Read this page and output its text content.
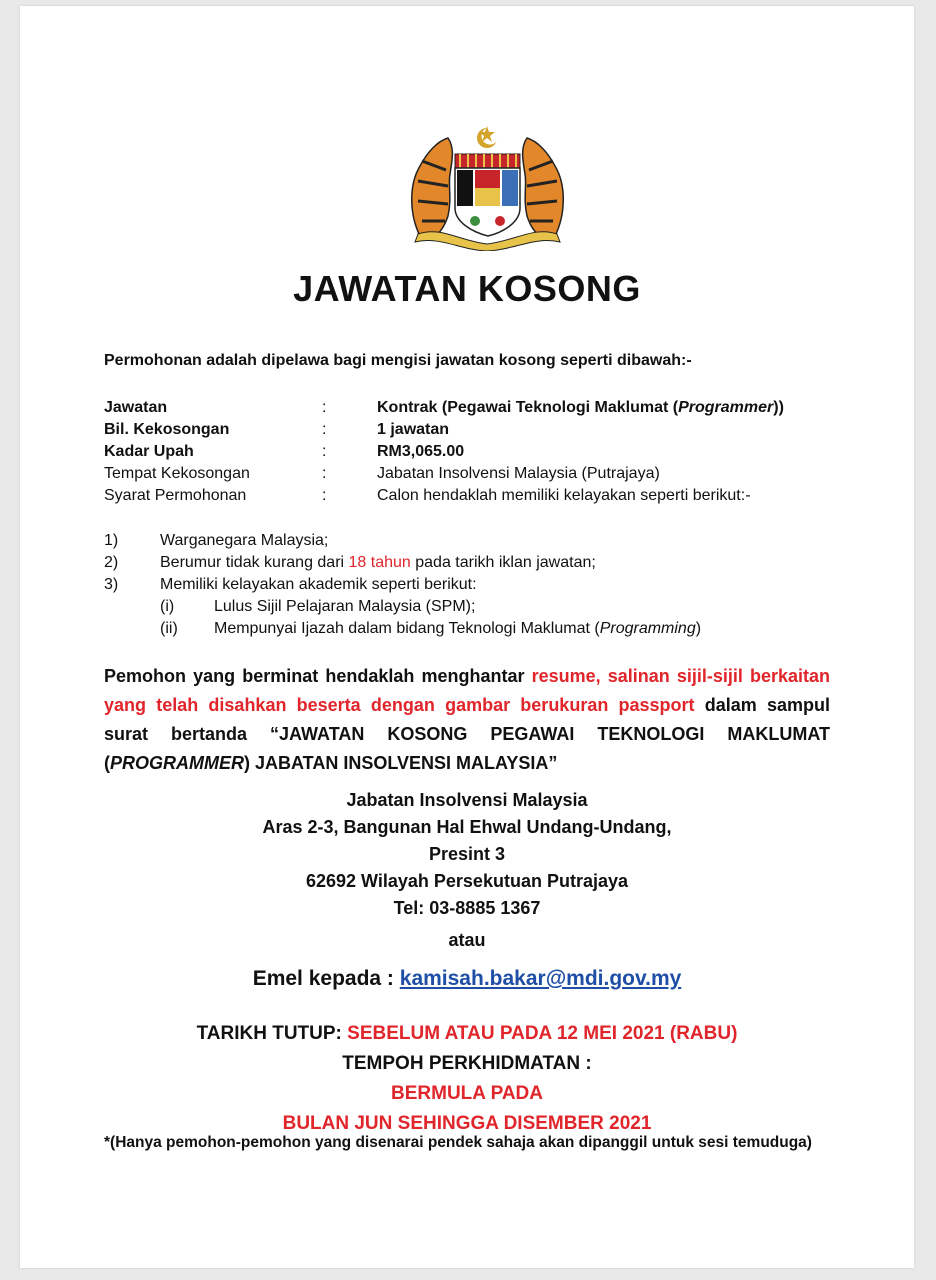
JAWATAN KOSONG
Permohonan adalah dipelawa bagi mengisi jawatan kosong seperti dibawah:-
Jawatan	:	Kontrak (Pegawai Teknologi Maklumat (Programmer))
Bil. Kekosongan	:	1 jawatan
Kadar Upah	:	RM3,065.00
Tempat Kekosongan	:	Jabatan Insolvensi Malaysia (Putrajaya)
Syarat Permohonan	:	Calon hendaklah memiliki kelayakan seperti berikut:-
1)	Warganegara Malaysia;
2)	Berumur tidak kurang dari 18 tahun pada tarikh iklan jawatan;
3)	Memiliki kelayakan akademik seperti berikut:
(i) Lulus Sijil Pelajaran Malaysia (SPM);
(ii) Mempunyai Ijazah dalam bidang Teknologi Maklumat (Programming)
Pemohon yang berminat hendaklah menghantar resume, salinan sijil-sijil berkaitan yang telah disahkan beserta dengan gambar berukuran passport dalam sampul surat bertanda “JAWATAN KOSONG PEGAWAI TEKNOLOGI MAKLUMAT (PROGRAMMER) JABATAN INSOLVENSI MALAYSIA”
Jabatan Insolvensi Malaysia
Aras 2-3, Bangunan Hal Ehwal Undang-Undang,
Presint 3
62692 Wilayah Persekutuan Putrajaya
Tel: 03-8885 1367
atau
Emel kepada : kamisah.bakar@mdi.gov.my
TARIKH TUTUP: SEBELUM ATAU PADA 12 MEI 2021 (RABU)
TEMPOH PERKHIDMATAN :
BERMULA PADA
BULAN JUN SEHINGGA DISEMBER 2021
*(Hanya pemohon-pemohon yang disenarai pendek sahaja akan dipanggil untuk sesi temuduga)
